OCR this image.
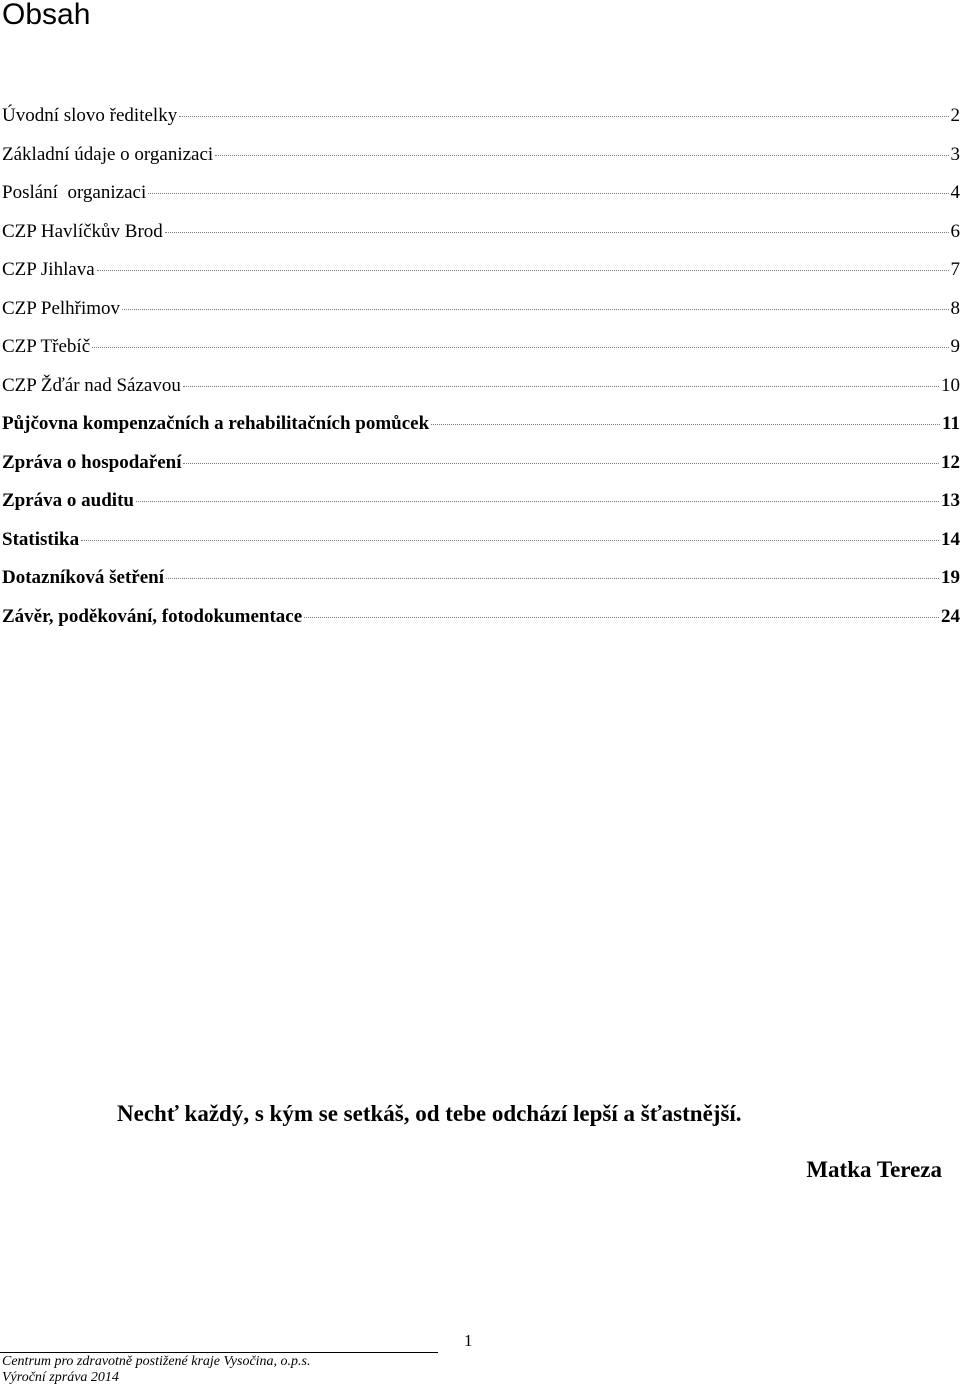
Obsah
Úvodní slovo ředitelky	2
Základní údaje o organizaci	3
Poslání  organizaci	4
CZP Havlíčkův Brod	6
CZP Jihlava	7
CZP Pelhřimov	8
CZP Třebíč	9
CZP Žďár nad Sázavou	10
Půjčovna kompenzačních a rehabilitačních pomůcek	11
Zpráva o hospodaření	12
Zpráva o auditu	13
Statistika	14
Dotazníková šetření	19
Závěr, poděkování, fotodokumentace	24

Nechť každý, s kým se setkáš, od tebe odchází lepší a šťastnější.

Matka Tereza

1
Centrum pro zdravotně postižené kraje Vysočina, o.p.s.
Výroční zpráva 2014
